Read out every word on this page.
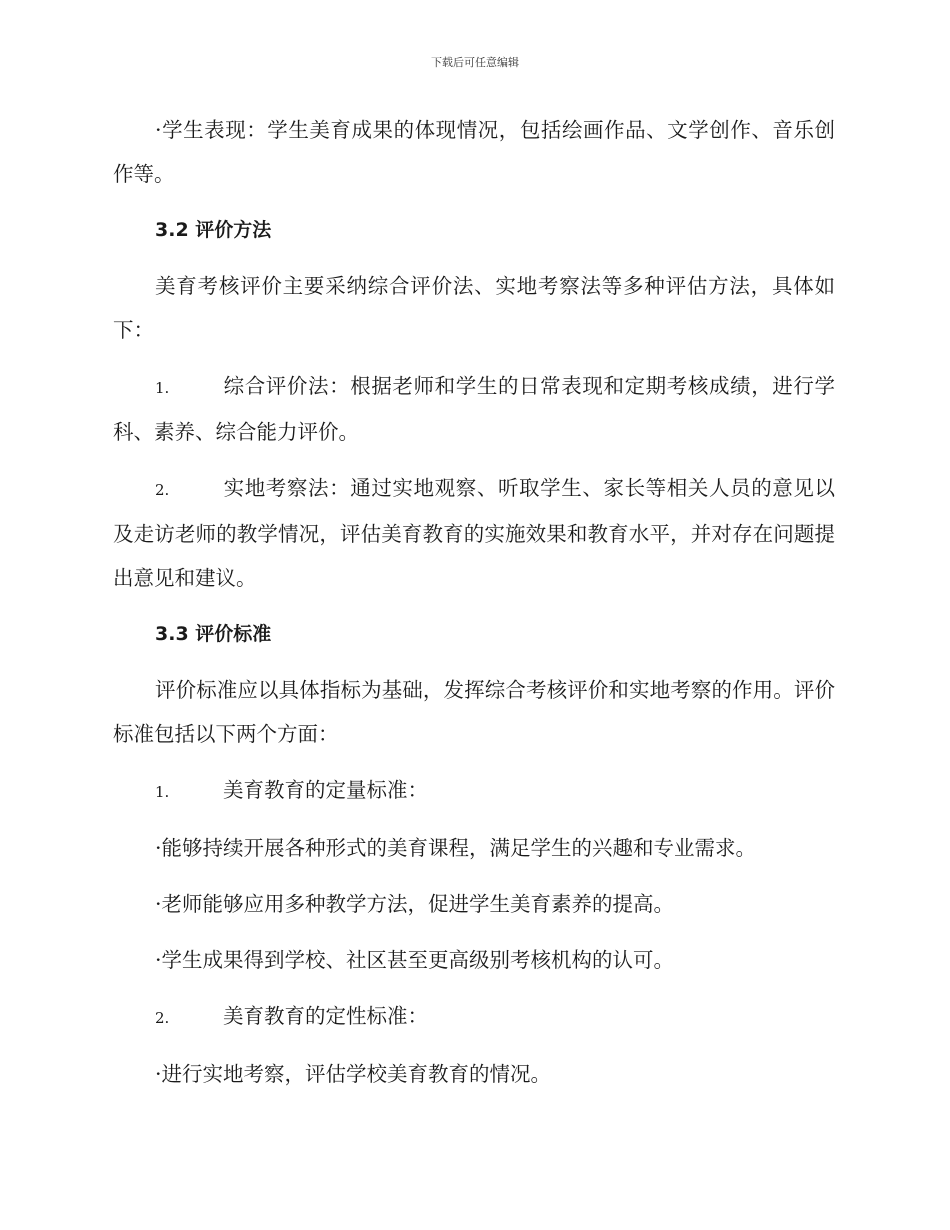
下载后可任意编辑

·学生表现：学生美育成果的体现情况，包括绘画作品、文学创作、音乐创作等。

3.2 评价方法

美育考核评价主要采纳综合评价法、实地考察法等多种评估方法，具体如下：

1.	综合评价法：根据老师和学生的日常表现和定期考核成绩，进行学科、素养、综合能力评价。

2.	实地考察法：通过实地观察、听取学生、家长等相关人员的意见以及走访老师的教学情况，评估美育教育的实施效果和教育水平，并对存在问题提出意见和建议。

3.3 评价标准

评价标准应以具体指标为基础，发挥综合考核评价和实地考察的作用。评价标准包括以下两个方面：

1.	美育教育的定量标准：

·能够持续开展各种形式的美育课程，满足学生的兴趣和专业需求。

·老师能够应用多种教学方法，促进学生美育素养的提高。

·学生成果得到学校、社区甚至更高级别考核机构的认可。

2.	美育教育的定性标准：

·进行实地考察，评估学校美育教育的情况。
